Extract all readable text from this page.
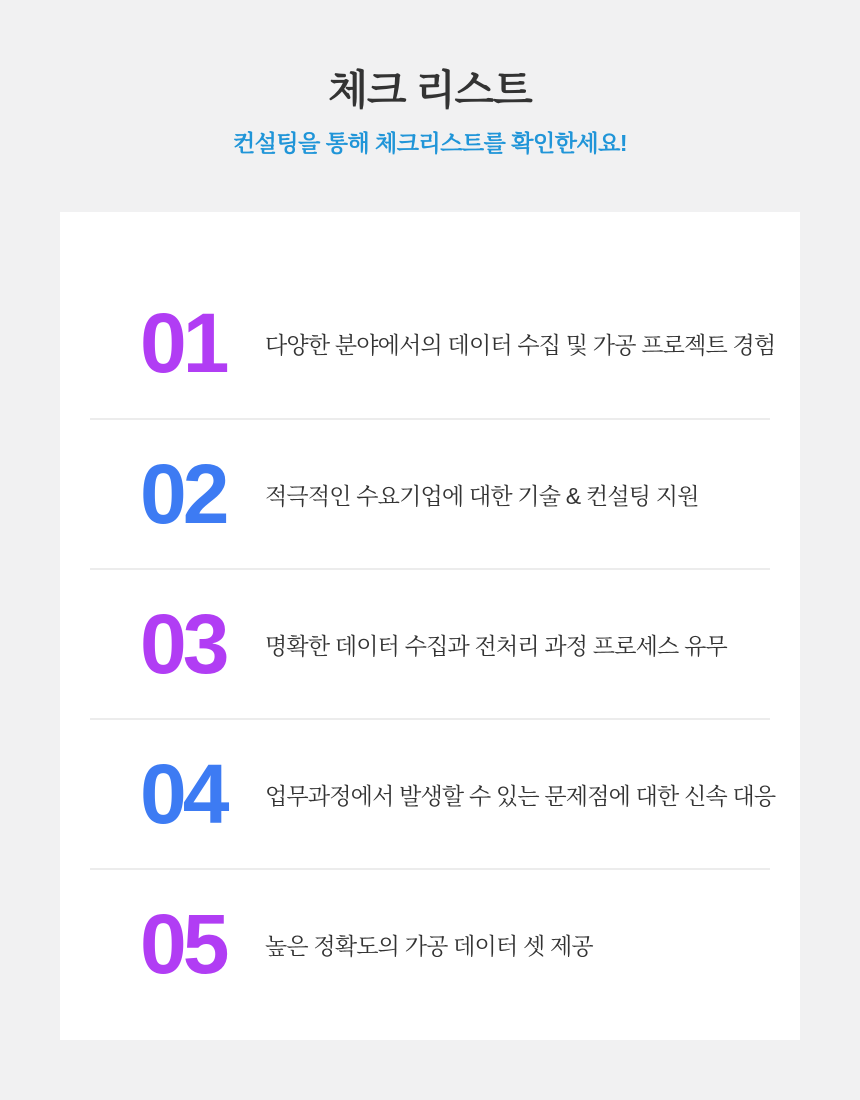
체크 리스트
컨설팅을 통해 체크리스트를 확인한세요!
01	다양한 분야에서의 데이터 수집 및 가공 프로젝트 경험
02	적극적인 수요기업에 대한 기술 & 컨설팅 지원
03	명확한 데이터 수집과 전처리 과정 프로세스 유무
04	업무과정에서 발생할 수 있는 문제점에 대한 신속 대응
05	높은 정확도의 가공 데이터 셋 제공
